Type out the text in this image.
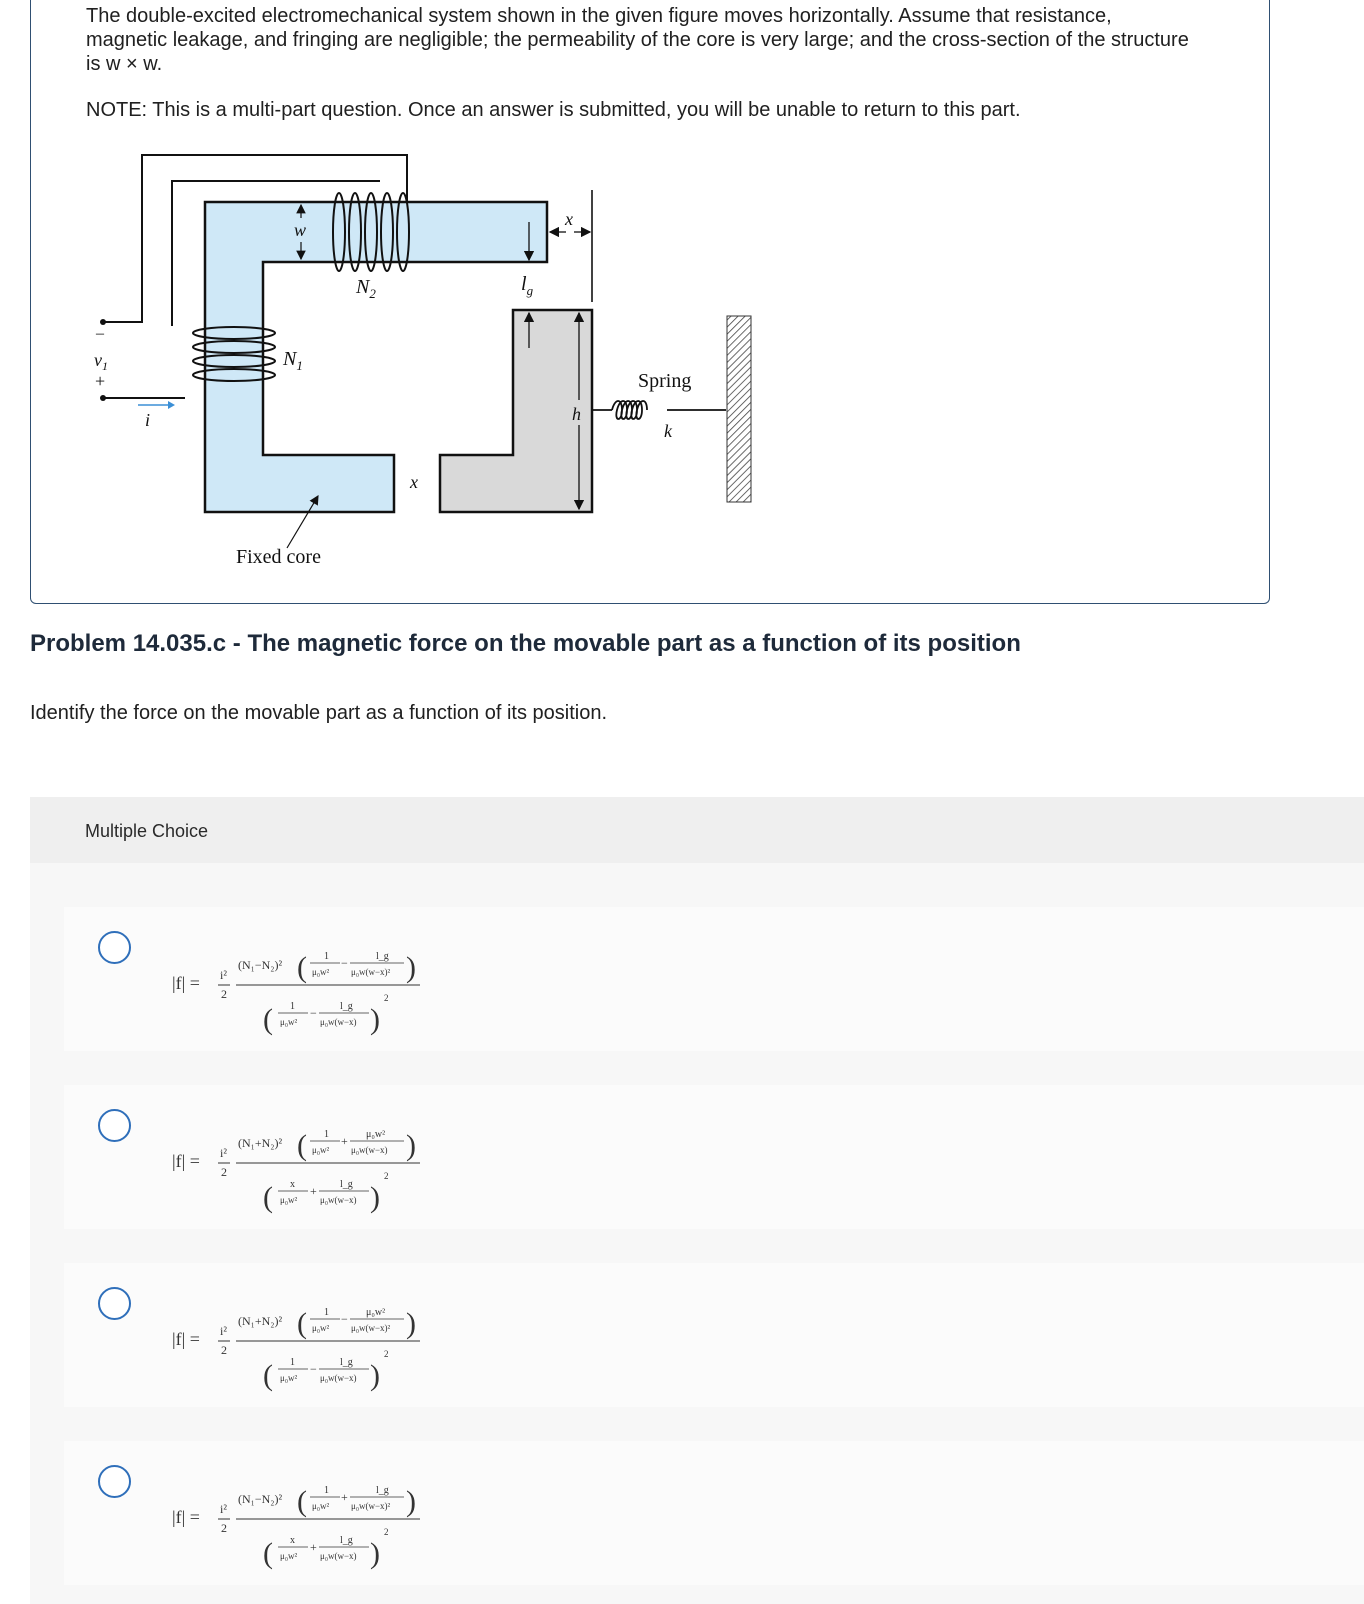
The double-excited electromechanical system shown in the given figure moves horizontally. Assume that resistance, magnetic leakage, and fringing are negligible; the permeability of the core is very large; and the cross-section of the structure is w × w.

NOTE: This is a multi-part question. Once an answer is submitted, you will be unable to return to this part.

w
$N_2$
$N_1$
$l_g$
x
x
–
$v_1$
+
i	h
Spring
k
Fixed core
Problem 14.035.c - The magnetic force on the movable part as a function of its position

Identify the force on the movable part as a function of its position.

Multiple Choice
|f| = i²
2
(N₁−N₂)² ( 1
μ₀w²
−	l_g
μ₀w(w−x)² )
( 1
μ₀w²
− l_g
μ₀w(w−x) )
2
|f| = i²
2
(N₁+N₂)² ( 1
μ₀w²
+ μ₀w²
μ₀w(w−x) )
( x
μ₀w²
+ l_g
μ₀w(w−x) )
2
|f| = i²
2
(N₁+N₂)² ( 1
μ₀w²
− μ₀w²
μ₀w(w−x)² )
( 1
μ₀w²
− l_g
μ₀w(w−x) )
2
|f| = i²
2
(N₁−N₂)² ( 1
μ₀w²
+	l_g
μ₀w(w−x)² )
( x
μ₀w²
+ l_g
μ₀w(w−x) )
2
